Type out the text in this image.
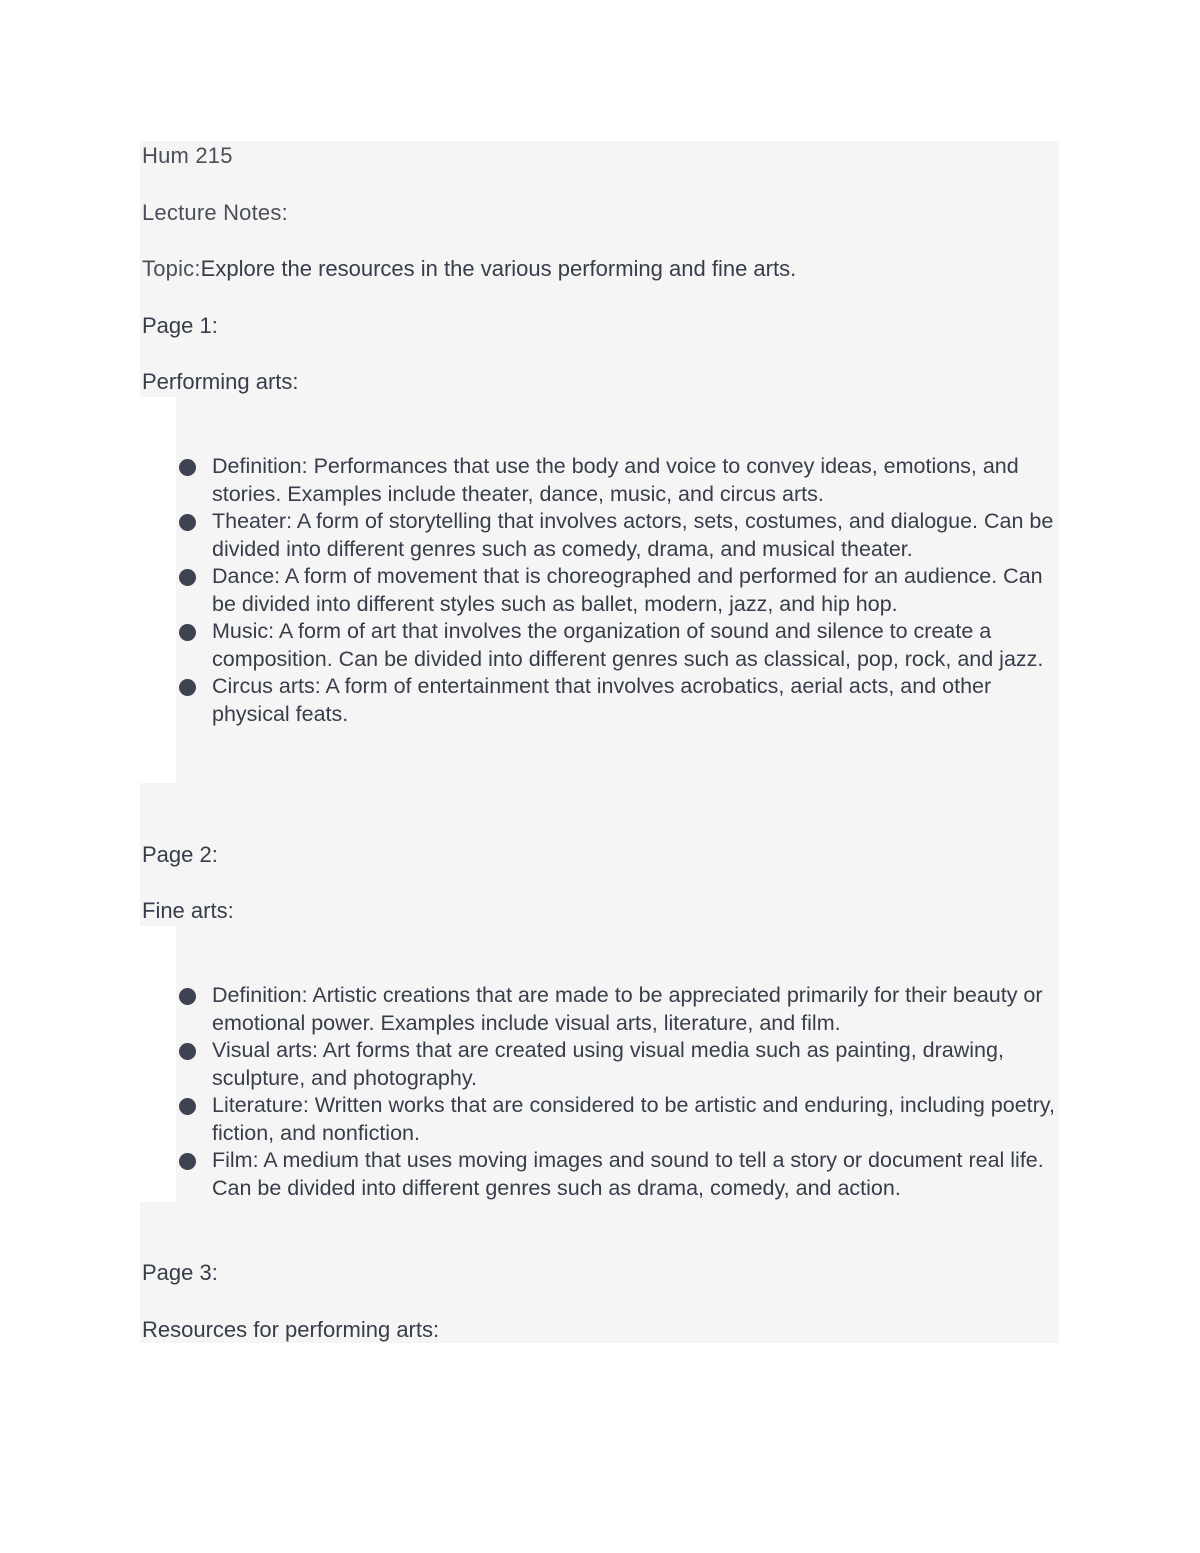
Hum 215
Lecture Notes:
Topic:Explore the resources in the various performing and fine arts.
Page 1:
Performing arts:
Definition: Performances that use the body and voice to convey ideas, emotions, and stories. Examples include theater, dance, music, and circus arts.
Theater: A form of storytelling that involves actors, sets, costumes, and dialogue. Can be divided into different genres such as comedy, drama, and musical theater.
Dance: A form of movement that is choreographed and performed for an audience. Can be divided into different styles such as ballet, modern, jazz, and hip hop.
Music: A form of art that involves the organization of sound and silence to create a composition. Can be divided into different genres such as classical, pop, rock, and jazz.
Circus arts: A form of entertainment that involves acrobatics, aerial acts, and other physical feats.
Page 2:
Fine arts:
Definition: Artistic creations that are made to be appreciated primarily for their beauty or emotional power. Examples include visual arts, literature, and film.
Visual arts: Art forms that are created using visual media such as painting, drawing, sculpture, and photography.
Literature: Written works that are considered to be artistic and enduring, including poetry, fiction, and nonfiction.
Film: A medium that uses moving images and sound to tell a story or document real life. Can be divided into different genres such as drama, comedy, and action.
Page 3:
Resources for performing arts:
